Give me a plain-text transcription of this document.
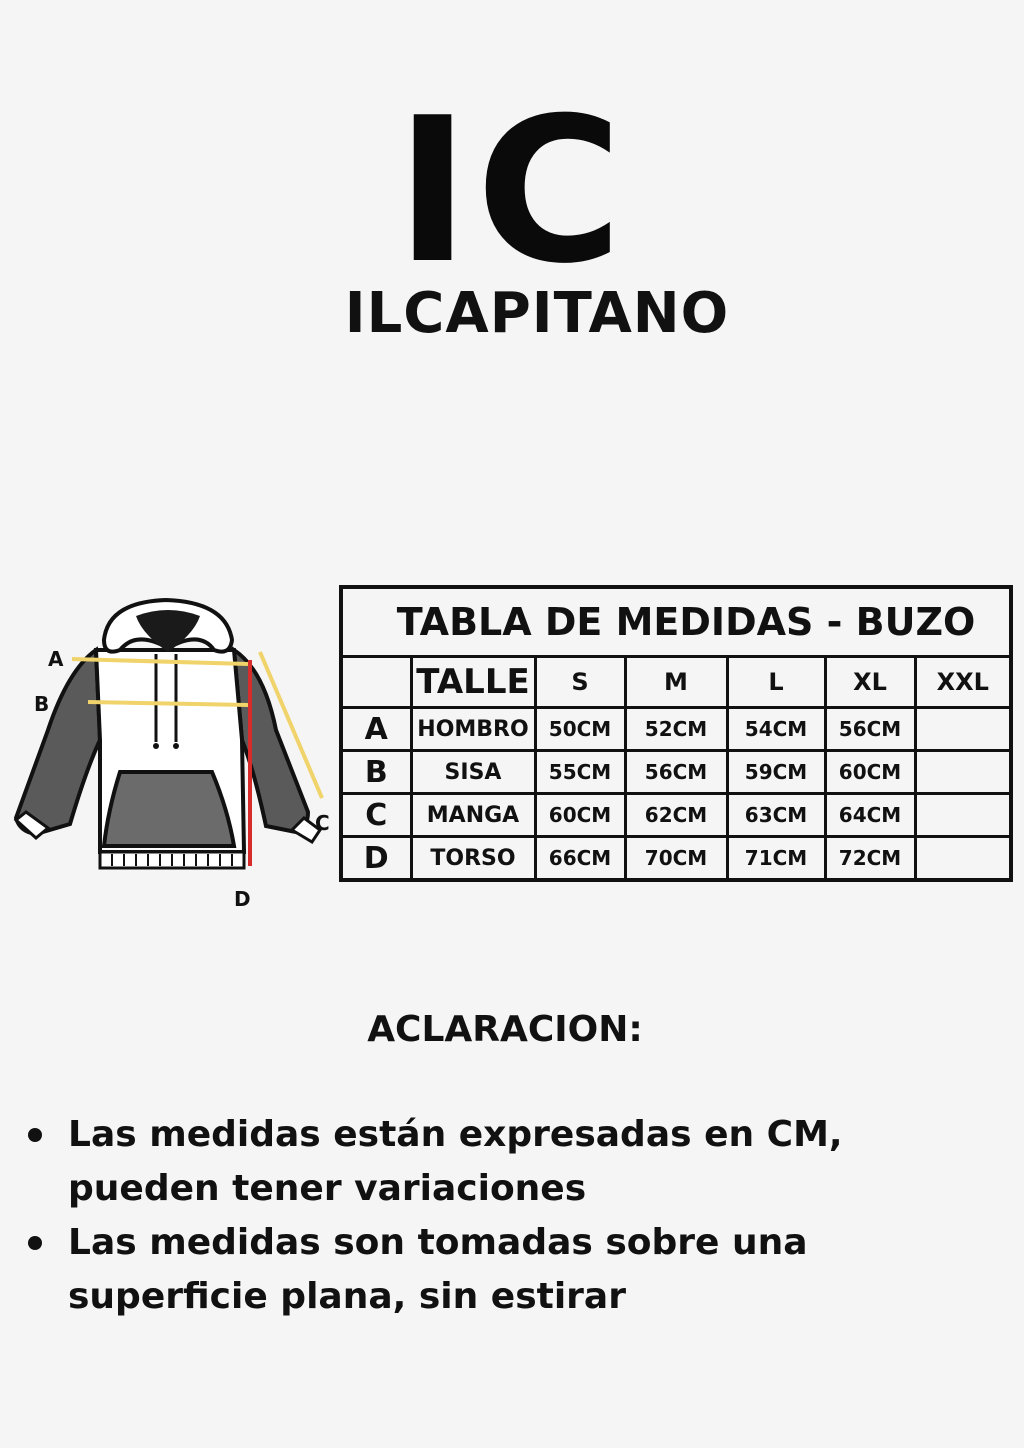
IC
ILCAPITANO
A
B
C
D
TABLA DE MEDIDAS - BUZO						
	TALLE	S	M	L	XL	XXL
A	HOMBRO	50CM	52CM	54CM	56CM	
B	SISA	55CM	56CM	59CM	60CM	
C	MANGA	60CM	62CM	63CM	64CM	
D	TORSO	66CM	70CM	71CM	72CM	
ACLARACION:
Las medidas están expresadas en CM, pueden tener variaciones
Las medidas son tomadas sobre una superficie plana, sin estirar
